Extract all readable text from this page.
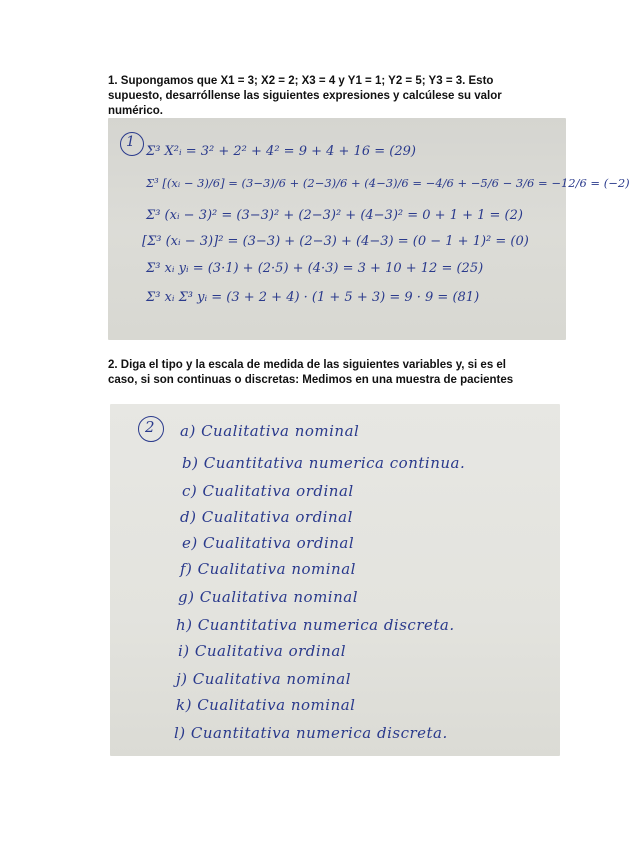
1. Supongamos que X1 = 3; X2 = 2; X3 = 4 y Y1 = 1; Y2 = 5; Y3 = 3. Esto supuesto, desarróllense las siguientes expresiones y calcúlese su valor numérico.
1
Σ³ X²ᵢ = 3² + 2² + 4² = 9 + 4 + 16 = (29)
Σ³ [(xᵢ − 3)/6] = (3−3)/6 + (2−3)/6 + (4−3)/6 = −4/6 + −5/6 − 3/6 = −12/6 = (−2)
Σ³ (xᵢ − 3)² = (3−3)² + (2−3)² + (4−3)² = 0 + 1 + 1 = (2)
[Σ³ (xᵢ − 3)]² = (3−3) + (2−3) + (4−3) = (0 − 1 + 1)² = (0)
Σ³ xᵢ yᵢ = (3·1) + (2·5) + (4·3) = 3 + 10 + 12 = (25)
Σ³ xᵢ Σ³ yᵢ = (3 + 2 + 4) · (1 + 5 + 3) = 9 · 9 = (81)
2. Diga el tipo y la escala de medida de las siguientes variables y, si es el caso, si son continuas o discretas: Medimos en una muestra de pacientes
2 a) Cualitativa nominal
b) Cuantitativa numerica continua.
c) Cualitativa ordinal
d) Cualitativa ordinal
e) Cualitativa ordinal
f) Cualitativa nominal
g) Cualitativa nominal
h) Cuantitativa numerica discreta.
i) Cualitativa ordinal
j) Cualitativa nominal
k) Cualitativa nominal
l) Cuantitativa numerica discreta.
